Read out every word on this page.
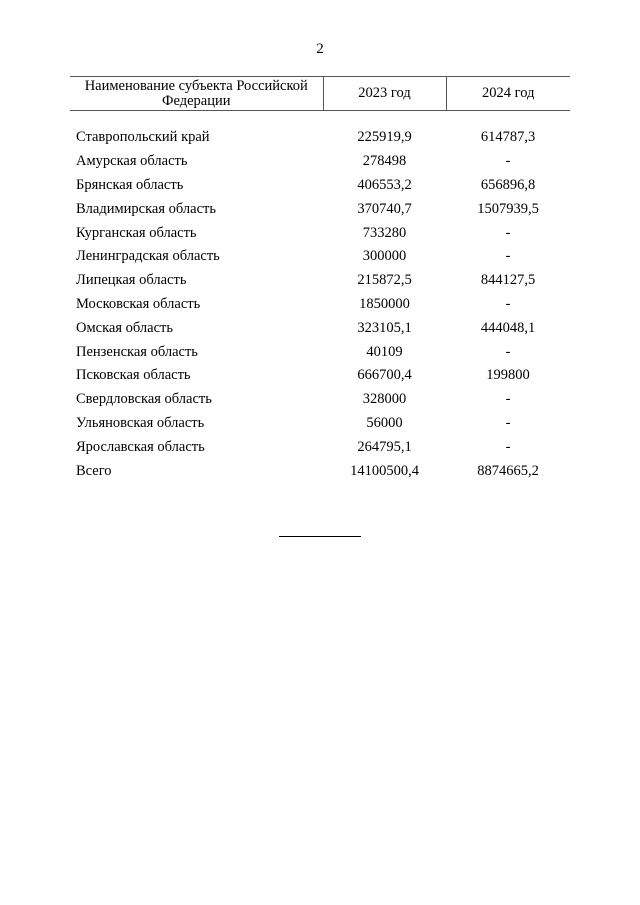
2
Наименование субъекта Российской Федерации	2023 год	2024 год

Ставропольский край	225919,9	614787,3
Амурская область	278498	-
Брянская область	406553,2	656896,8
Владимирская область	370740,7	1507939,5
Курганская область	733280	-
Ленинградская область	300000	-
Липецкая область	215872,5	844127,5
Московская область	1850000	-
Омская область	323105,1	444048,1
Пензенская область	40109	-
Псковская область	666700,4	199800
Свердловская область	328000	-
Ульяновская область	56000	-
Ярославская область	264795,1	-
Всего	14100500,4	8874665,2
